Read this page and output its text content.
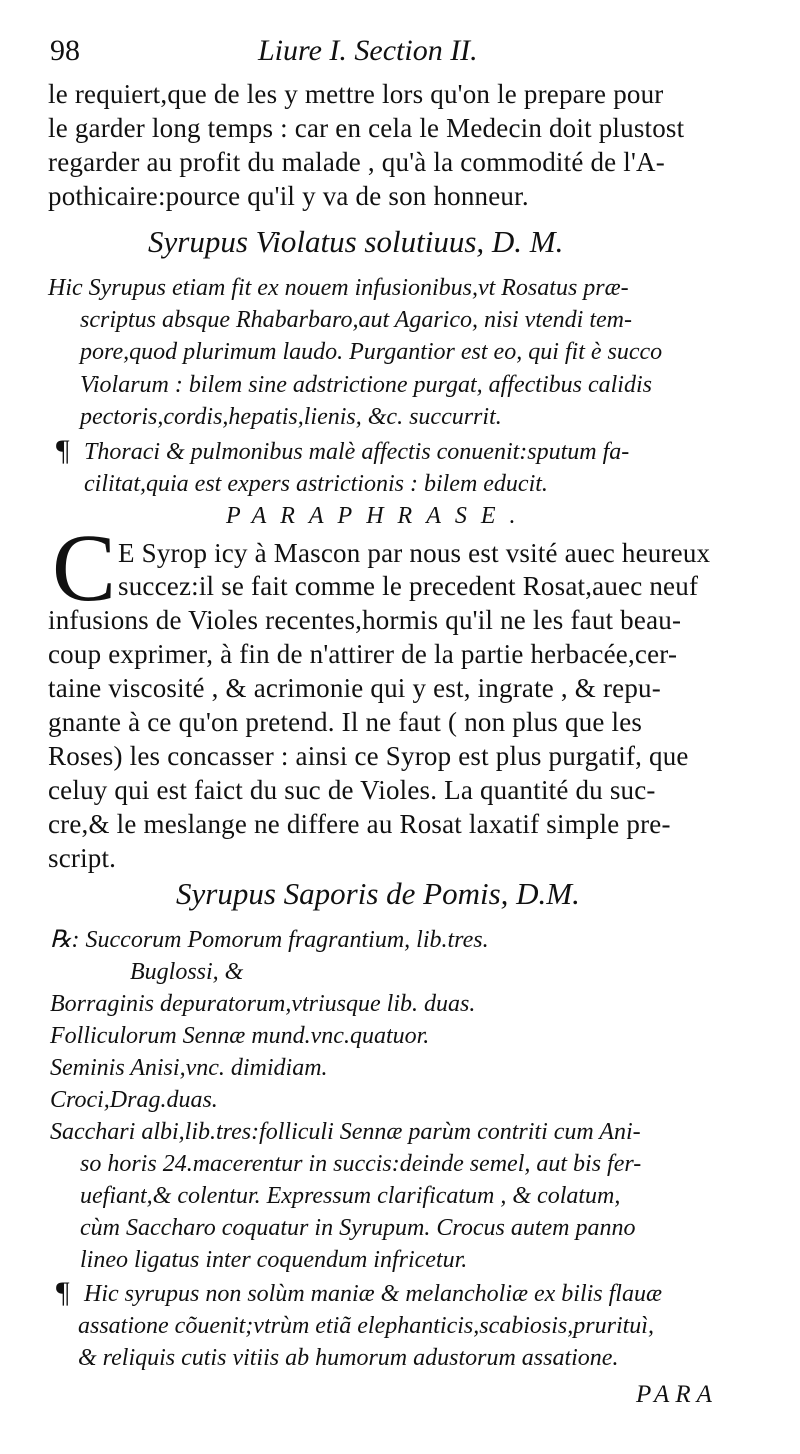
98	Liure I. Section II.
le requiert,que de les y mettre lors qu'on le prepare pour
le garder long temps : car en cela le Medecin doit plustost
regarder au profit du malade , qu'à la commodité de l'A-
pothicaire:pource qu'il y va de son honneur.
Syrupus Violatus solutiuus, D. M.
Hic Syrupus etiam fit ex nouem infusionibus,vt Rosatus præ-
scriptus absque Rhabarbaro,aut Agarico, nisi vtendi tem-
pore,quod plurimum laudo. Purgantior est eo, qui fit è succo
Violarum : bilem sine adstrictione purgat, affectibus calidis
pectoris,cordis,hepatis,lienis, &c. succurrit.
¶ Thoraci & pulmonibus malè affectis conuenit:sputum fa-
cilitat,quia est expers astrictionis : bilem educit.
PARAPHRASE.
C E Syrop icy à Mascon par nous est vsité auec heureux
succez:il se fait comme le precedent Rosat,auec neuf
infusions de Violes recentes,hormis qu'il ne les faut beau-
coup exprimer, à fin de n'attirer de la partie herbacée,cer-
taine viscosité , & acrimonie qui y est, ingrate , & repu-
gnante à ce qu'on pretend. Il ne faut ( non plus que les
Roses) les concasser : ainsi ce Syrop est plus purgatif, que
celuy qui est faict du suc de Violes. La quantité du suc-
cre,& le meslange ne differe au Rosat laxatif simple pre-
script.
Syrupus Saporis de Pomis, D.M.
℞: Succorum Pomorum fragrantium, lib.tres.
Buglossi, &
Borraginis depuratorum,vtriusque lib. duas.
Folliculorum Sennæ mund.vnc.quatuor.
Seminis Anisi,vnc. dimidiam.
Croci,Drag.duas.
Sacchari albi,lib.tres:folliculi Sennæ parùm contriti cum Ani-
so horis 24.macerentur in succis:deinde semel, aut bis fer-
uefiant,& colentur. Expressum clarificatum , & colatum,
cùm Saccharo coquatur in Syrupum. Crocus autem panno
lineo ligatus inter coquendum infricetur.
¶ Hic syrupus non solùm maniæ & melancholiæ ex bilis flauæ
assatione cõuenit;vtrùm etiã elephanticis,scabiosis,prurituì,
& reliquis cutis vitiis ab humorum adustorum assatione.
PARA
